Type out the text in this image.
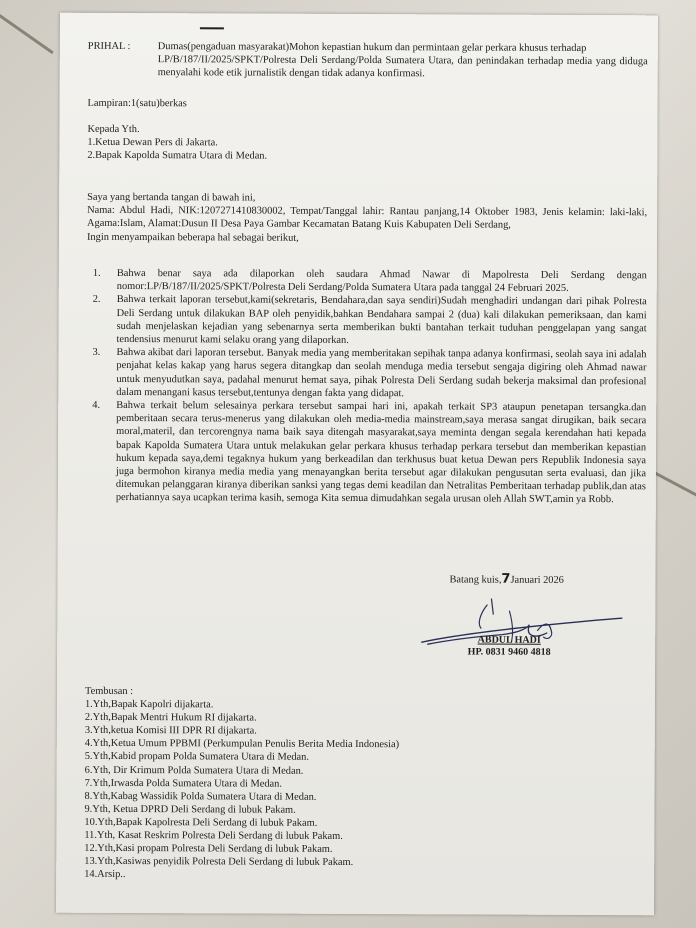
PRIHAL :	Dumas(pengaduan masyarakat)Mohon kepastian hukum dan permintaan gelar perkara khusus terhadap
LP/B/187/II/2025/SPKT/Polresta Deli Serdang/Polda Sumatera Utara, dan penindakan terhadap media yang diduga menyalahi kode etik jurnalistik dengan tidak adanya konfirmasi.
Lampiran:1(satu)berkas
Kepada Yth.
1.Ketua Dewan Pers di Jakarta.
2.Bapak Kapolda Sumatra Utara di Medan.
Saya yang bertanda tangan di bawah ini,
Nama: Abdul Hadi, NIK:1207271410830002, Tempat/Tanggal lahir: Rantau panjang,14 Oktober 1983, Jenis kelamin: laki-laki, Agama:Islam, Alamat:Dusun II Desa Paya Gambar Kecamatan Batang Kuis Kabupaten Deli Serdang,
Ingin menyampaikan beberapa hal sebagai berikut,
1. Bahwa benar saya ada dilaporkan oleh saudara Ahmad Nawar di Mapolresta Deli Serdang dengan nomor:LP/B/187/II/2025/SPKT/Polresta Deli Serdang/Polda Sumatera Utara pada tanggal 24 Februari 2025.
2. Bahwa terkait laporan tersebut,kami(sekretaris, Bendahara,dan saya sendiri)Sudah menghadiri undangan dari pihak Polresta Deli Serdang untuk dilakukan BAP oleh penyidik,bahkan Bendahara sampai 2 (dua) kali dilakukan pemeriksaan, dan kami sudah menjelaskan kejadian yang sebenarnya serta memberikan bukti bantahan terkait tuduhan penggelapan yang sangat tendensius menurut kami selaku orang yang dilaporkan.
3. Bahwa akibat dari laporan tersebut. Banyak media yang memberitakan sepihak tanpa adanya konfirmasi, seolah saya ini adalah penjahat kelas kakap yang harus segera ditangkap dan seolah menduga media tersebut sengaja digiring oleh Ahmad nawar untuk menyudutkan saya, padahal menurut hemat saya, pihak Polresta Deli Serdang sudah bekerja maksimal dan profesional dalam menangani kasus tersebut,tentunya dengan fakta yang didapat.
4. Bahwa terkait belum selesainya perkara tersebut sampai hari ini, apakah terkait SP3 ataupun penetapan tersangka.dan pemberitaan secara terus-menerus yang dilakukan oleh media-media mainstream,saya merasa sangat dirugikan, baik secara moral,materil, dan tercorengnya nama baik saya ditengah masyarakat,saya meminta dengan segala kerendahan hati kepada bapak Kapolda Sumatera Utara untuk melakukan gelar perkara khusus terhadap perkara tersebut dan memberikan kepastian hukum kepada saya,demi tegaknya hukum yang berkeadilan dan terkhusus buat ketua Dewan pers Republik Indonesia saya juga bermohon kiranya media media yang menayangkan berita tersebut agar dilakukan pengusutan serta evaluasi, dan jika ditemukan pelanggaran kiranya diberikan sanksi yang tegas demi keadilan dan Netralitas Pemberitaan terhadap publik,dan atas perhatiannya saya ucapkan terima kasih, semoga Kita semua dimudahkan segala urusan oleh Allah SWT,amin ya Robb.
Batang kuis,7Januari 2026
ABDUL HADI
HP. 0831 9460 4818
Tembusan :
1.Yth,Bapak Kapolri dijakarta.
2.Yth,Bapak Mentri Hukum RI dijakarta.
3.Yth,ketua Komisi III DPR RI dijakarta.
4.Yth,Ketua Umum PPBMI (Perkumpulan Penulis Berita Media Indonesia)
5.Yth,Kabid propam Polda Sumatera Utara di Medan.
6.Yth, Dir Krimum Polda Sumatera Utara di Medan.
7.Yth,Irwasda Polda Sumatera Utara di Medan.
8.Yth,Kabag Wassidik Polda Sumatera Utara di Medan.
9.Yth, Ketua DPRD Deli Serdang di lubuk Pakam.
10.Yth,Bapak Kapolresta Deli Serdang di lubuk Pakam.
11.Yth, Kasat Reskrim Polresta Deli Serdang di lubuk Pakam.
12.Yth,Kasi propam Polresta Deli Serdang di lubuk Pakam.
13.Yth,Kasiwas penyidik Polresta Deli Serdang di lubuk Pakam.
14.Arsip..
